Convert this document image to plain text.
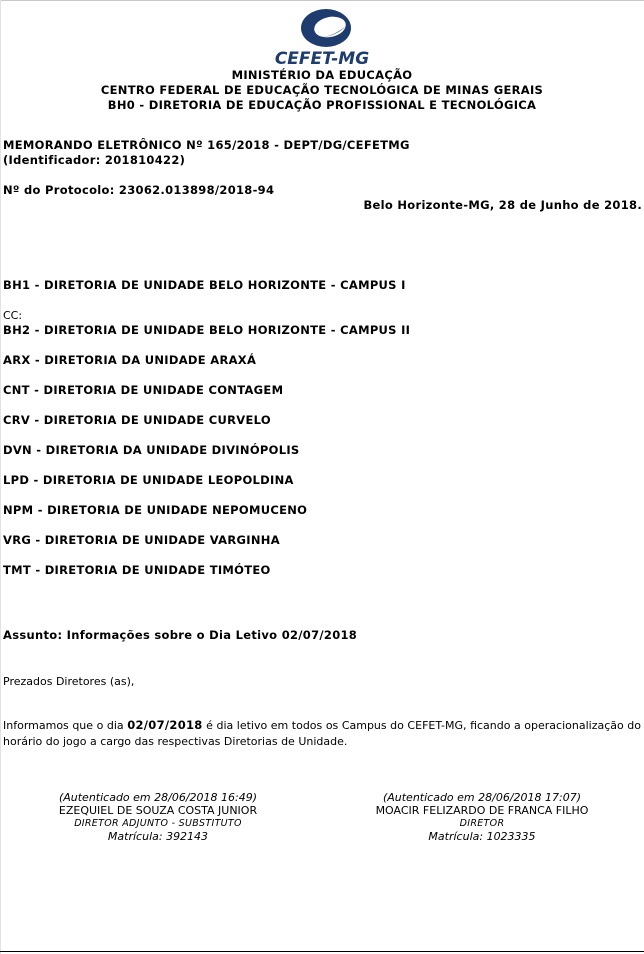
CEFET-MG
MINISTÉRIO DA EDUCAÇÃO
CENTRO FEDERAL DE EDUCAÇÃO TECNOLÓGICA DE MINAS GERAIS
BH0 - DIRETORIA DE EDUCAÇÃO PROFISSIONAL E TECNOLÓGICA
MEMORANDO ELETRÔNICO Nº 165/2018 - DEPT/DG/CEFETMG
(Identificador: 201810422)
Nº do Protocolo: 23062.013898/2018-94
Belo Horizonte-MG, 28 de Junho de 2018.
BH1 - DIRETORIA DE UNIDADE BELO HORIZONTE - CAMPUS I
CC:
BH2 - DIRETORIA DE UNIDADE BELO HORIZONTE - CAMPUS II
ARX - DIRETORIA DA UNIDADE ARAXÁ
CNT - DIRETORIA DE UNIDADE CONTAGEM
CRV - DIRETORIA DE UNIDADE CURVELO
DVN - DIRETORIA DA UNIDADE DIVINÓPOLIS
LPD - DIRETORIA DE UNIDADE LEOPOLDINA
NPM - DIRETORIA DE UNIDADE NEPOMUCENO
VRG - DIRETORIA DE UNIDADE VARGINHA
TMT - DIRETORIA DE UNIDADE TIMÓTEO
Assunto: Informações sobre o Dia Letivo 02/07/2018
Prezados Diretores (as),
Informamos que o dia 02/07/2018 é dia letivo em todos os Campus do CEFET-MG, ficando a operacionalização do horário do jogo a cargo das respectivas Diretorias de Unidade.
(Autenticado em 28/06/2018 16:49)
EZEQUIEL DE SOUZA COSTA JUNIOR
DIRETOR ADJUNTO - SUBSTITUTO
Matrícula: 392143
(Autenticado em 28/06/2018 17:07)
MOACIR FELIZARDO DE FRANCA FILHO
DIRETOR
Matrícula: 1023335
